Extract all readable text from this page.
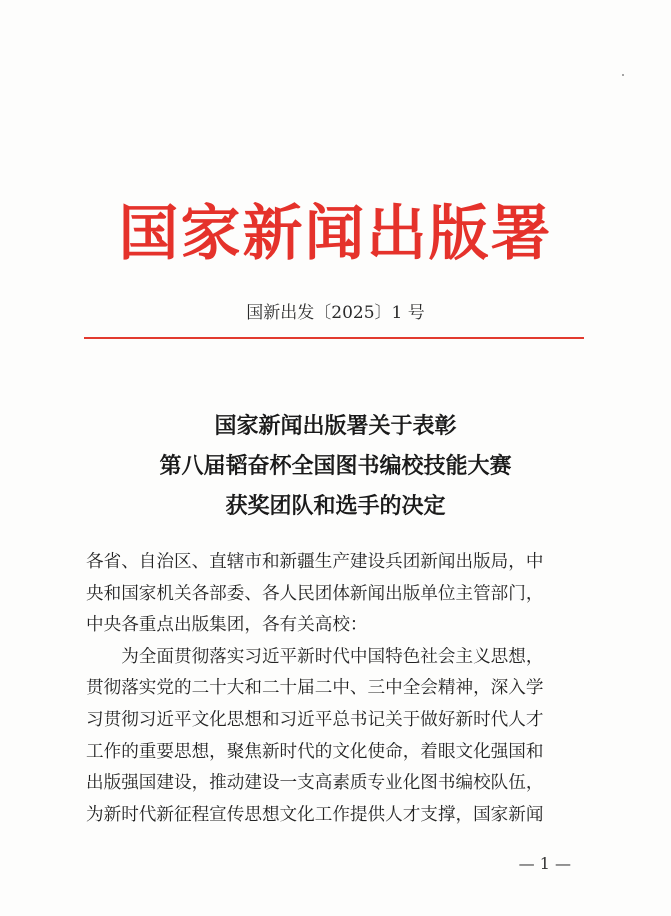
国家新闻出版署
国新出发〔2025〕1 号
国家新闻出版署关于表彰
第八届韬奋杯全国图书编校技能大赛
获奖团队和选手的决定
各省、自治区、直辖市和新疆生产建设兵团新闻出版局，中
央和国家机关各部委、各人民团体新闻出版单位主管部门，
中央各重点出版集团，各有关高校：
　　为全面贯彻落实习近平新时代中国特色社会主义思想，
贯彻落实党的二十大和二十届二中、三中全会精神，深入学
习贯彻习近平文化思想和习近平总书记关于做好新时代人才
工作的重要思想，聚焦新时代的文化使命，着眼文化强国和
出版强国建设，推动建设一支高素质专业化图书编校队伍，
为新时代新征程宣传思想文化工作提供人才支撑，国家新闻
— 1 —
